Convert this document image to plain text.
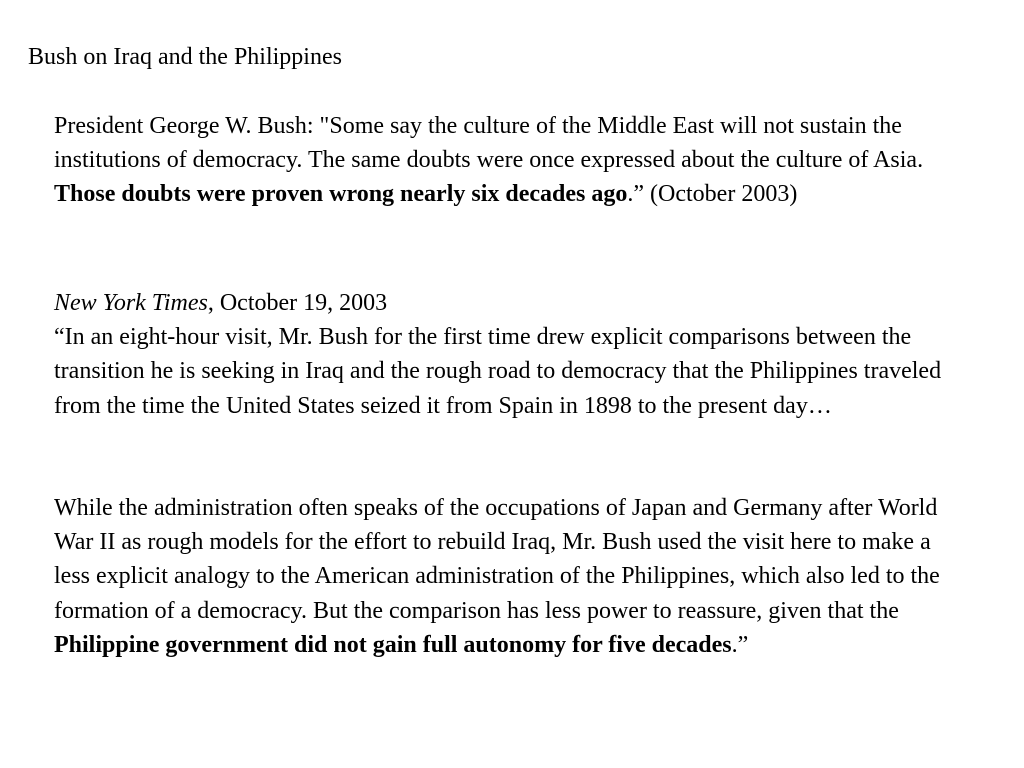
Bush on Iraq and the Philippines

President George W. Bush: "Some say the culture of the Middle East will not sustain the institutions of democracy. The same doubts were once expressed about the culture of Asia. Those doubts were proven wrong nearly six decades ago.” (October 2003)

New York Times, October 19, 2003
“In an eight-hour visit, Mr. Bush for the first time drew explicit comparisons between the transition he is seeking in Iraq and the rough road to democracy that the Philippines traveled from the time the United States seized it from Spain in 1898 to the present day…

While the administration often speaks of the occupations of Japan and Germany after World War II as rough models for the effort to rebuild Iraq, Mr. Bush used the visit here to make a less explicit analogy to the American administration of the Philippines, which also led to the formation of a democracy. But the comparison has less power to reassure, given that the Philippine government did not gain full autonomy for five decades.”
